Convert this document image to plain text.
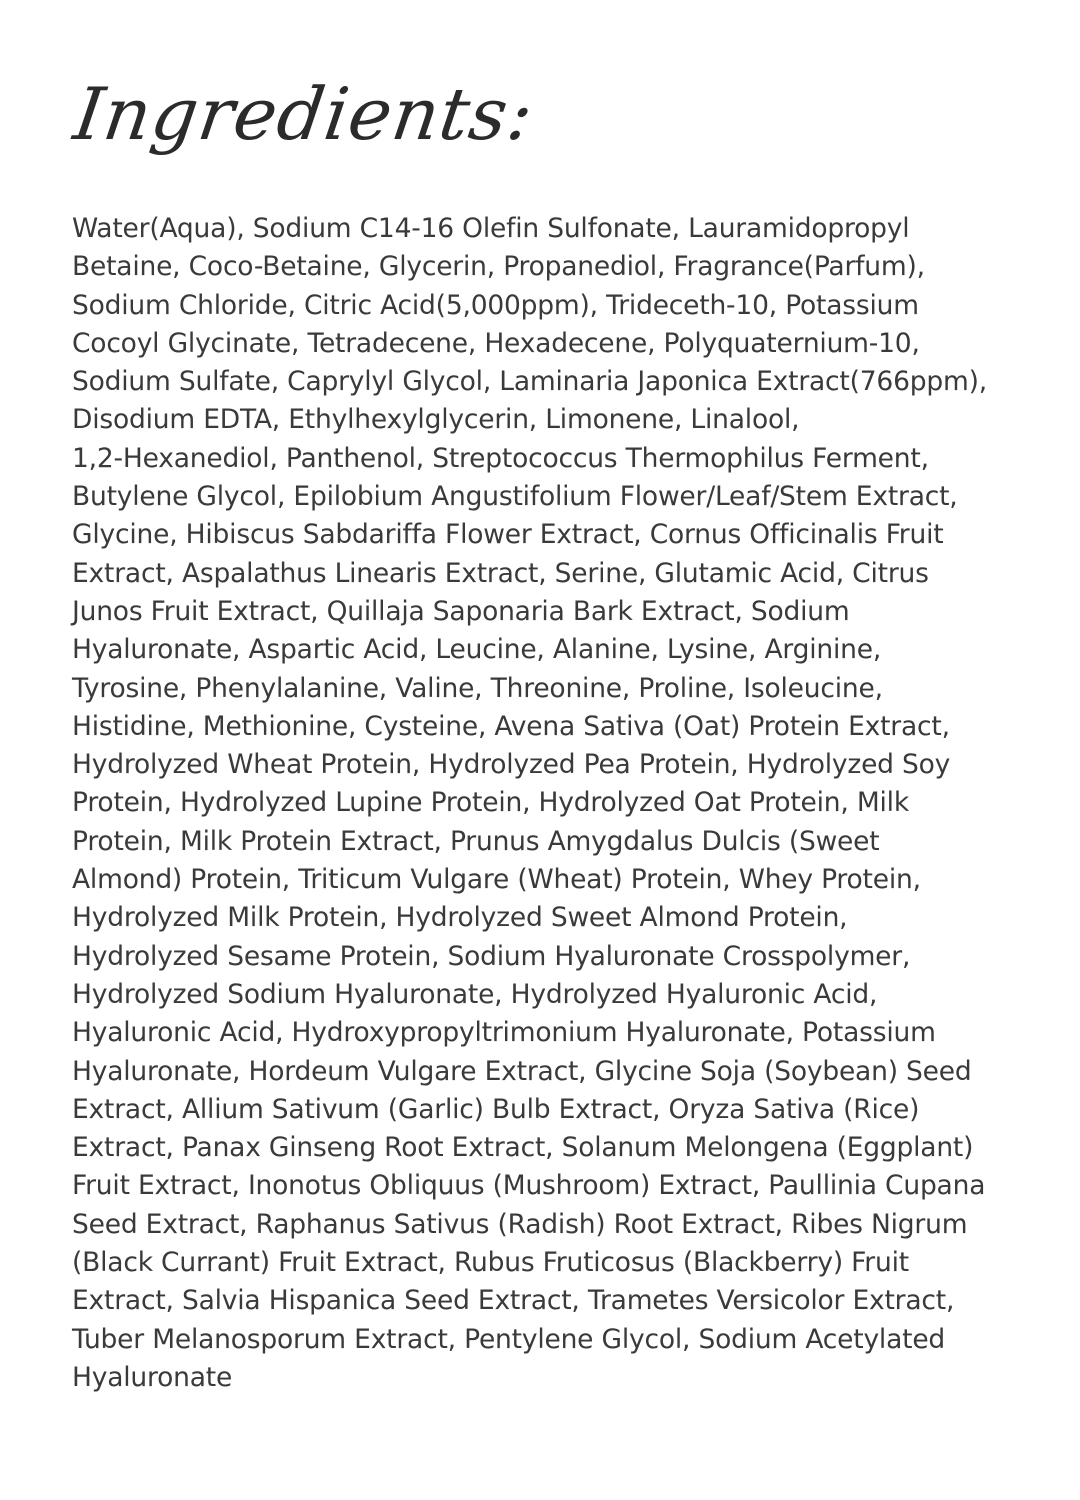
Ingredients:

Water(Aqua), Sodium C14-16 Olefin Sulfonate, Lauramidopropyl
Betaine, Coco-Betaine, Glycerin, Propanediol, Fragrance(Parfum),
Sodium Chloride, Citric Acid(5,000ppm), Trideceth-10, Potassium
Cocoyl Glycinate, Tetradecene, Hexadecene, Polyquaternium-10,
Sodium Sulfate, Caprylyl Glycol, Laminaria Japonica Extract(766ppm),
Disodium EDTA, Ethylhexylglycerin, Limonene, Linalool,
1,2-Hexanediol, Panthenol, Streptococcus Thermophilus Ferment,
Butylene Glycol, Epilobium Angustifolium Flower/Leaf/Stem Extract,
Glycine, Hibiscus Sabdariffa Flower Extract, Cornus Officinalis Fruit
Extract, Aspalathus Linearis Extract, Serine, Glutamic Acid, Citrus
Junos Fruit Extract, Quillaja Saponaria Bark Extract, Sodium
Hyaluronate, Aspartic Acid, Leucine, Alanine, Lysine, Arginine,
Tyrosine, Phenylalanine, Valine, Threonine, Proline, Isoleucine,
Histidine, Methionine, Cysteine, Avena Sativa (Oat) Protein Extract,
Hydrolyzed Wheat Protein, Hydrolyzed Pea Protein, Hydrolyzed Soy
Protein, Hydrolyzed Lupine Protein, Hydrolyzed Oat Protein, Milk
Protein, Milk Protein Extract, Prunus Amygdalus Dulcis (Sweet
Almond) Protein, Triticum Vulgare (Wheat) Protein, Whey Protein,
Hydrolyzed Milk Protein, Hydrolyzed Sweet Almond Protein,
Hydrolyzed Sesame Protein, Sodium Hyaluronate Crosspolymer,
Hydrolyzed Sodium Hyaluronate, Hydrolyzed Hyaluronic Acid,
Hyaluronic Acid, Hydroxypropyltrimonium Hyaluronate, Potassium
Hyaluronate, Hordeum Vulgare Extract, Glycine Soja (Soybean) Seed
Extract, Allium Sativum (Garlic) Bulb Extract, Oryza Sativa (Rice)
Extract, Panax Ginseng Root Extract, Solanum Melongena (Eggplant)
Fruit Extract, Inonotus Obliquus (Mushroom) Extract, Paullinia Cupana
Seed Extract, Raphanus Sativus (Radish) Root Extract, Ribes Nigrum
(Black Currant) Fruit Extract, Rubus Fruticosus (Blackberry) Fruit
Extract, Salvia Hispanica Seed Extract, Trametes Versicolor Extract,
Tuber Melanosporum Extract, Pentylene Glycol, Sodium Acetylated
Hyaluronate
